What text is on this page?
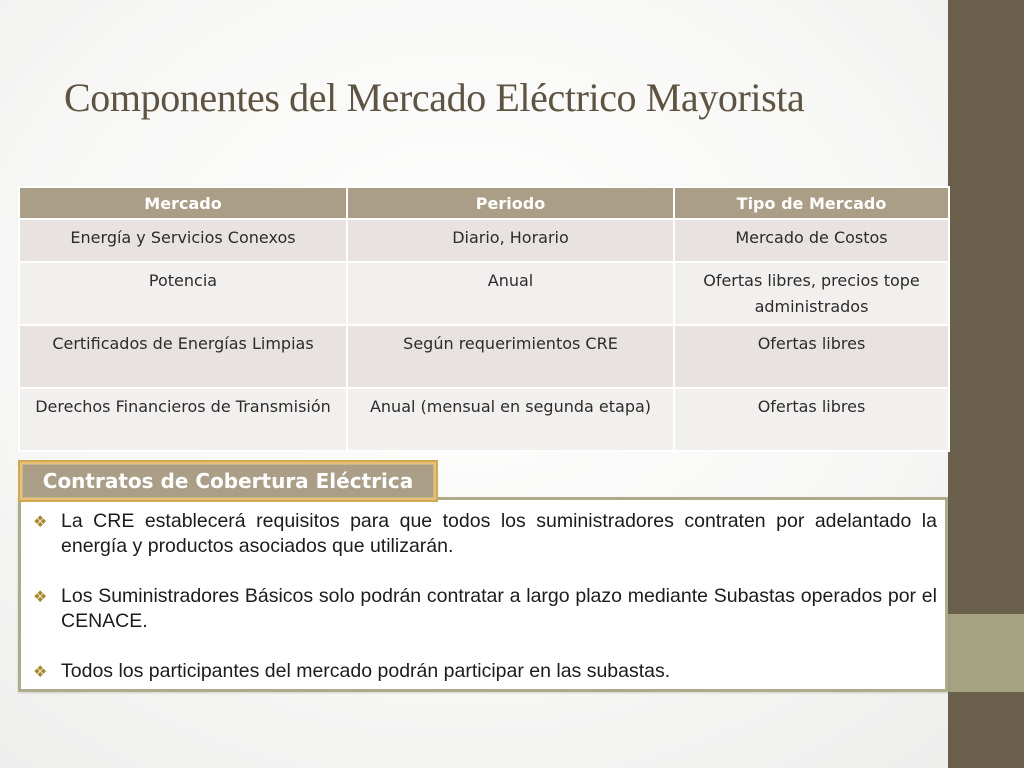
Componentes del Mercado Eléctrico Mayorista
Mercado	Periodo	Tipo de Mercado
Energía y Servicios Conexos	Diario, Horario	Mercado de Costos
Potencia	Anual	Ofertas libres, precios tope administrados
Certificados de Energías Limpias	Según requerimientos CRE	Ofertas libres
Derechos Financieros de Transmisión	Anual (mensual en segunda etapa)	Ofertas libres
Contratos de Cobertura Eléctrica
❖ La CRE establecerá requisitos para que todos los suministradores contraten por adelantado la energía y productos asociados que utilizarán.
❖ Los Suministradores Básicos solo podrán contratar a largo plazo mediante Subastas operados por el CENACE.
❖ Todos los participantes del mercado podrán participar en las subastas.
